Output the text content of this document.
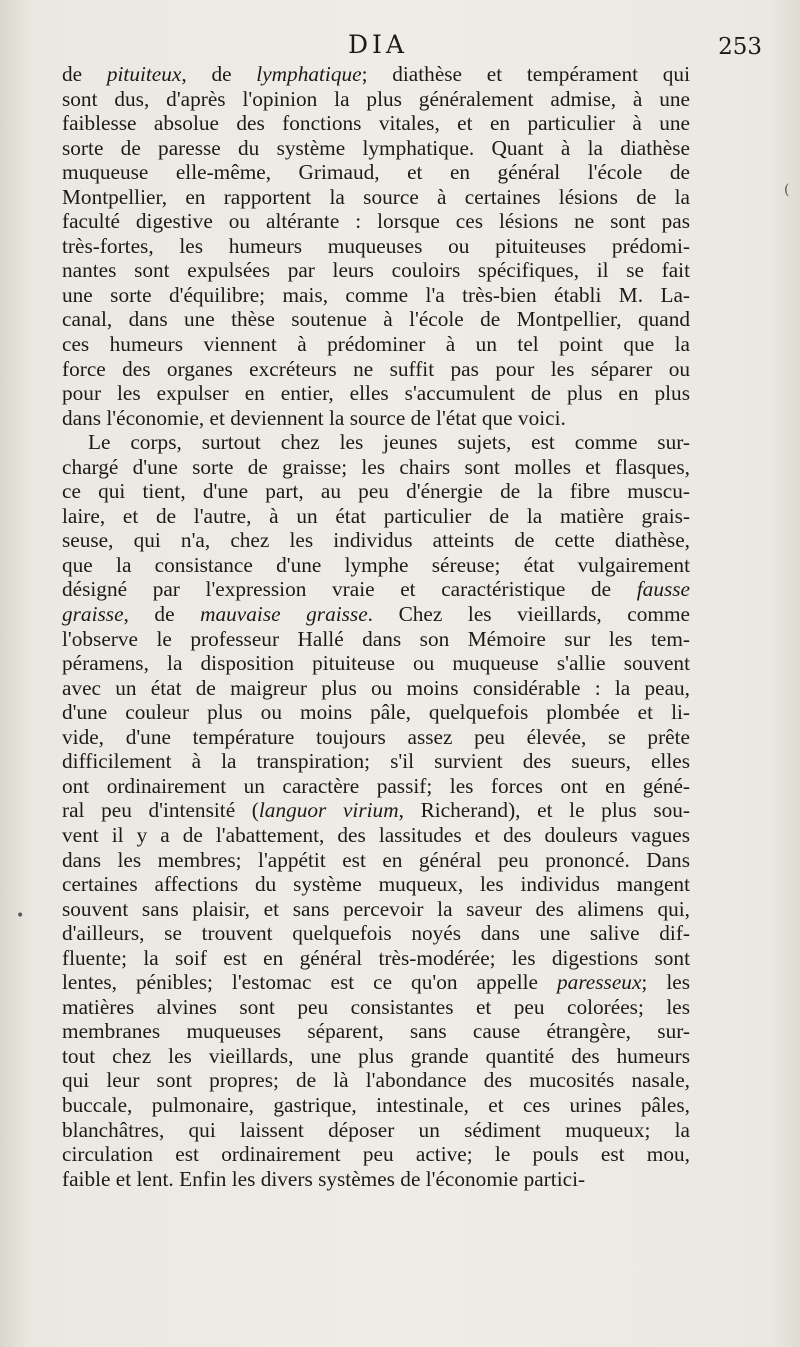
DIA	253
de pituiteux, de lymphatique; diathèse et tempérament qui
sont dus, d'après l'opinion la plus généralement admise, à une
faiblesse absolue des fonctions vitales, et en particulier à une
sorte de paresse du système lymphatique. Quant à la diathèse
muqueuse elle-même, Grimaud, et en général l'école de
Montpellier, en rapportent la source à certaines lésions de la
faculté digestive ou altérante : lorsque ces lésions ne sont pas
très-fortes, les humeurs muqueuses ou pituiteuses prédomi-
nantes sont expulsées par leurs couloirs spécifiques, il se fait
une sorte d'équilibre; mais, comme l'a très-bien établi M. La-
canal, dans une thèse soutenue à l'école de Montpellier, quand
ces humeurs viennent à prédominer à un tel point que la
force des organes excréteurs ne suffit pas pour les séparer ou
pour les expulser en entier, elles s'accumulent de plus en plus
dans l'économie, et deviennent la source de l'état que voici.
Le corps, surtout chez les jeunes sujets, est comme sur-
chargé d'une sorte de graisse; les chairs sont molles et flasques,
ce qui tient, d'une part, au peu d'énergie de la fibre muscu-
laire, et de l'autre, à un état particulier de la matière grais-
seuse, qui n'a, chez les individus atteints de cette diathèse,
que la consistance d'une lymphe séreuse; état vulgairement
désigné par l'expression vraie et caractéristique de fausse
graisse, de mauvaise graisse. Chez les vieillards, comme
l'observe le professeur Hallé dans son Mémoire sur les tem-
péramens, la disposition pituiteuse ou muqueuse s'allie souvent
avec un état de maigreur plus ou moins considérable : la peau,
d'une couleur plus ou moins pâle, quelquefois plombée et li-
vide, d'une température toujours assez peu élevée, se prête
difficilement à la transpiration; s'il survient des sueurs, elles
ont ordinairement un caractère passif; les forces ont en géné-
ral peu d'intensité (languor virium, Richerand), et le plus sou-
vent il y a de l'abattement, des lassitudes et des douleurs vagues
dans les membres; l'appétit est en général peu prononcé. Dans
certaines affections du système muqueux, les individus mangent
souvent sans plaisir, et sans percevoir la saveur des alimens qui,
d'ailleurs, se trouvent quelquefois noyés dans une salive dif-
fluente; la soif est en général très-modérée; les digestions sont
lentes, pénibles; l'estomac est ce qu'on appelle paresseux; les
matières alvines sont peu consistantes et peu colorées; les
membranes muqueuses séparent, sans cause étrangère, sur-
tout chez les vieillards, une plus grande quantité des humeurs
qui leur sont propres; de là l'abondance des mucosités nasale,
buccale, pulmonaire, gastrique, intestinale, et ces urines pâles,
blanchâtres, qui laissent déposer un sédiment muqueux; la
circulation est ordinairement peu active; le pouls est mou,
faible et lent. Enfin les divers systèmes de l'économie partici-
•
(
